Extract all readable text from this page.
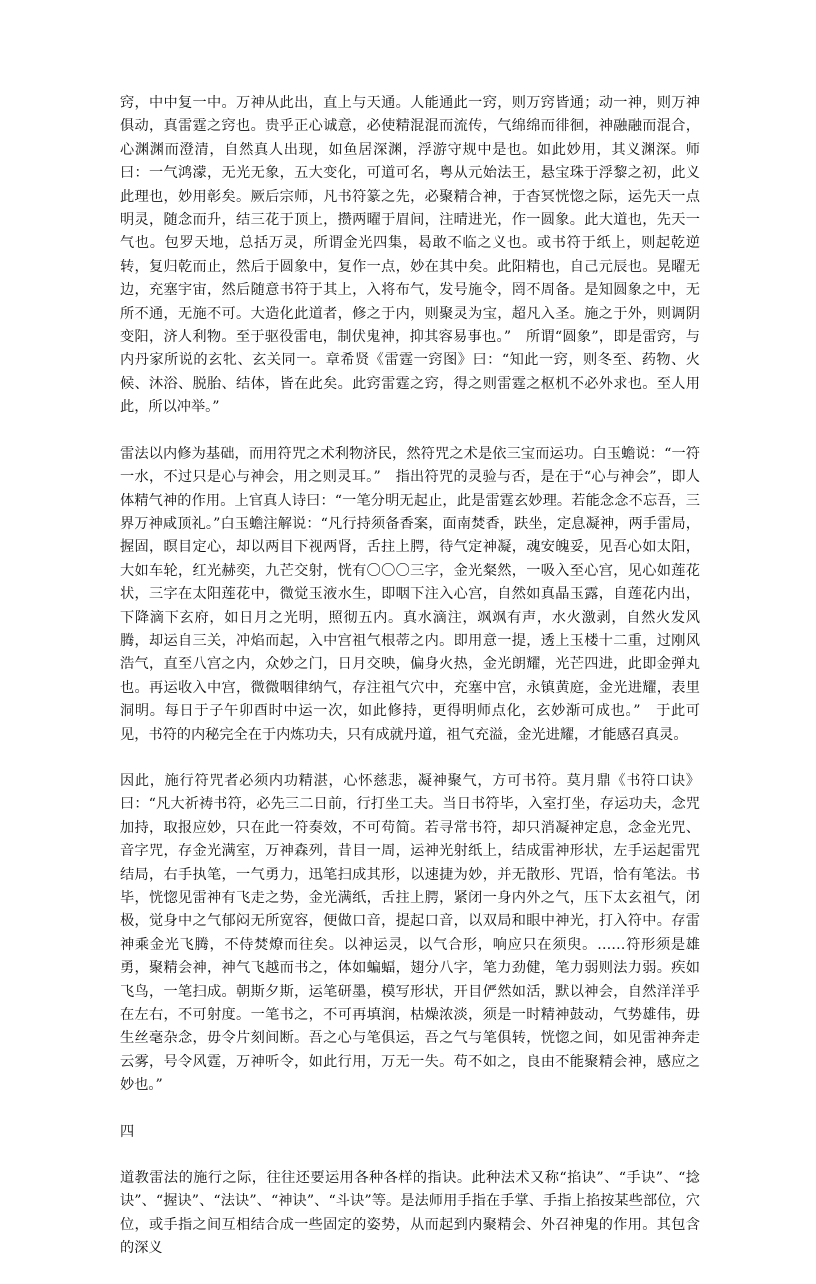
窍，中中复一中。万神从此出，直上与天通。人能通此一窍，则万窍皆通；动一神，则万神俱动，真雷霆之窍也。贵乎正心诚意，必使精混混而流传，气绵绵而徘徊，神融融而混合，心渊渊而澄清，自然真人出现，如鱼居深渊，浮游守规中是也。如此妙用，其义渊深。师曰：一气鸿濛，无光无象，五大变化，可道可名，粤从元始法王，悬宝珠于浮黎之初，此义此理也，妙用彰矣。厥后宗师，凡书符篆之先，必聚精合神，于杳冥恍惚之际，运先天一点明灵，随念而升，结三花于顶上，攒两曜于眉间，注晴进光，作一圆象。此大道也，先天一气也。包罗天地，总括万灵，所谓金光四集，曷敢不临之义也。或书符于纸上，则起乾逆转，复归乾而止，然后于圆象中，复作一点，妙在其中矣。此阳精也，自己元辰也。晃曜无边，充塞宇宙，然后随意书符于其上，入将布气，发号施令，罔不周备。是知圆象之中，无所不通，无施不可。大造化此道者，修之于内，则聚灵为宝，超凡入圣。施之于外，则调阴变阳，济人利物。至于驱役雷电，制伏鬼神，抑其容易事也。”　所谓“圆象”，即是雷窍，与内丹家所说的玄牝、玄关同一。章希贤《雷霆一窍图》曰：“知此一窍，则冬至、药物、火候、沐浴、脱胎、结体，皆在此矣。此窍雷霆之窍，得之则雷霆之枢机不必外求也。至人用此，所以冲举。”

雷法以内修为基础，而用符咒之术利物济民，然符咒之术是依三宝而运功。白玉蟾说：“一符一水，不过只是心与神会，用之则灵耳。”　指出符咒的灵验与否，是在于“心与神会”，即人体精气神的作用。上官真人诗曰：“一笔分明无起止，此是雷霆玄妙理。若能念念不忘吾，三界万神咸顶礼。”白玉蟾注解说：“凡行持须备香案，面南焚香，趺坐，定息凝神，两手雷局，握固，瞑目定心，却以两目下视两肾，舌拄上腭，待气定神凝，魂安魄妥，见吾心如太阳，大如车轮，红光赫奕，九芒交射，恍有〇〇〇三字，金光粲然，一吸入至心宫，见心如莲花状，三字在太阳莲花中，微觉玉液水生，即咽下注入心宫，自然如真晶玉露，自莲花内出，下降滴下玄府，如日月之光明，照彻五内。真水滴注，飒飒有声，水火激剥，自然火发风腾，却运自三关，冲焰而起，入中宫祖气根蒂之内。即用意一提，透上玉楼十二重，过刚风浩气，直至八宫之内，众妙之门，日月交映，偏身火热，金光朗耀，光芒四进，此即金弹丸也。再运收入中宫，微微咽律纳气，存注祖气穴中，充塞中宫，永镇黄庭，金光进耀，表里洞明。每日于子午卯酉时中运一次，如此修持，更得明师点化，玄妙渐可成也。”　于此可见，书符的内秘完全在于内炼功夫，只有成就丹道，祖气充溢，金光进耀，才能感召真灵。

因此，施行符咒者必须内功精湛，心怀慈悲，凝神聚气，方可书符。莫月鼎《书符口诀》曰：“凡大祈祷书符，必先三二日前，行打坐工夫。当日书符毕，入室打坐，存运功夫，念咒加持，取报应妙，只在此一符奏效，不可苟简。若寻常书符，却只消凝神定息，念金光咒、音字咒，存金光满室，万神森列，昔目一周，运神光射纸上，结成雷神形状，左手运起雷咒结局，右手执笔，一气勇力，迅笔扫成其形，以速捷为妙，并无散形、咒语，恰有笔法。书毕，恍惚见雷神有飞走之势，金光满纸，舌拄上腭，紧闭一身内外之气，压下太玄祖气，闭极，觉身中之气郁闷无所宽容，便做口音，提起口音，以双局和眼中神光，打入符中。存雷神乘金光飞腾，不侍焚燎而往矣。以神运灵，以气合形，响应只在须臾。……符形须是雄勇，聚精会神，神气飞越而书之，体如蝙蝠，翅分八字，笔力劲健，笔力弱则法力弱。疾如飞鸟，一笔扫成。朝斯夕斯，运笔研墨，模写形状，开目俨然如活，默以神会，自然洋洋乎在左右，不可射度。一笔书之，不可再填润，枯燥浓淡，须是一时精神鼓动，气势雄伟，毋生丝毫杂念，毋令片刻间断。吾之心与笔俱运，吾之气与笔俱转，恍惚之间，如见雷神奔走云雾，号令风霆，万神听令，如此行用，万无一失。苟不如之，良由不能聚精会神，感应之妙也。”

四

道教雷法的施行之际，往往还要运用各种各样的指诀。此种法术又称“掐诀”、“手诀”、“捻诀”、“握诀”、“法诀”、“神诀”、“斗诀”等。是法师用手指在手掌、手指上掐按某些部位，穴位，或手指之间互相结合成一些固定的姿势，从而起到内聚精会、外召神鬼的作用。其包含的深义
